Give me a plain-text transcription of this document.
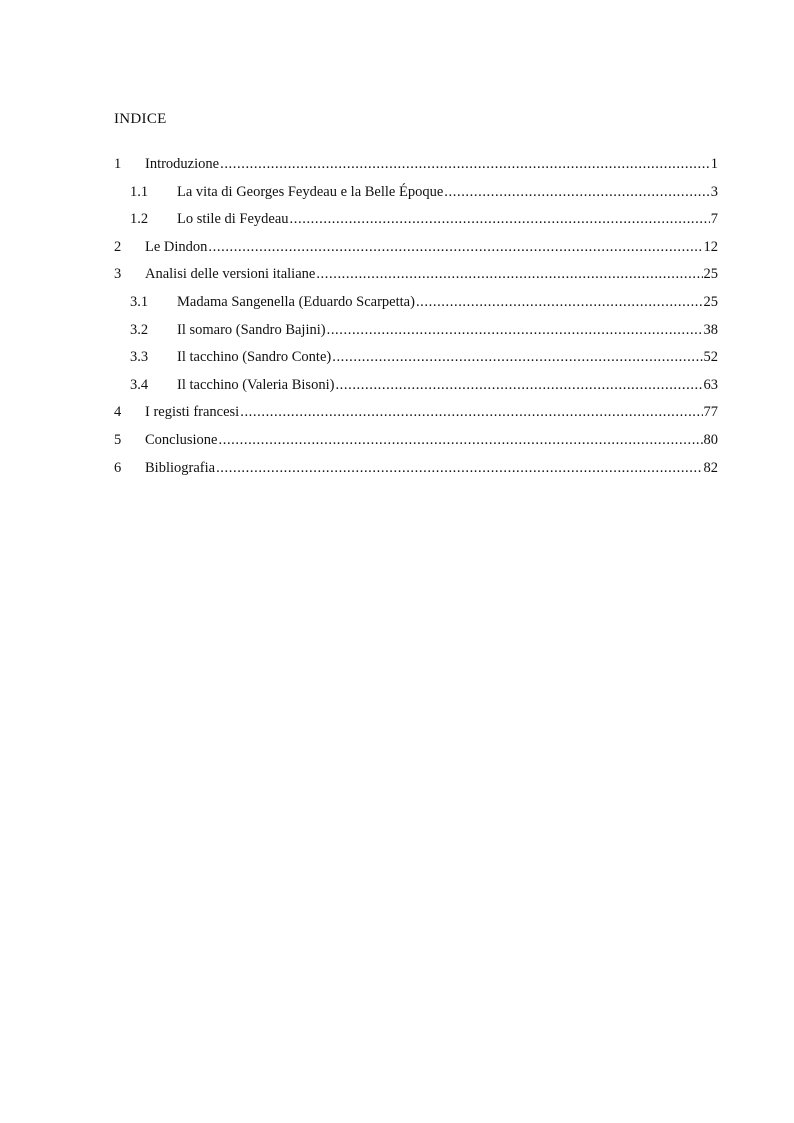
INDICE
1 Introduzione .....	1
1.1 La vita di Georges Feydeau e la Belle Époque .....	3
1.2 Lo stile di Feydeau .....	7
2 Le Dindon .....	12
3 Analisi delle versioni italiane .....	25
3.1 Madama Sangenella (Eduardo Scarpetta) .....	25
3.2 Il somaro (Sandro Bajini) .....	38
3.3 Il tacchino (Sandro Conte) .....	52
3.4 Il tacchino (Valeria Bisoni) .....	63
4 I registi francesi .....	77
5 Conclusione .....	80
6 Bibliografia .....	82
